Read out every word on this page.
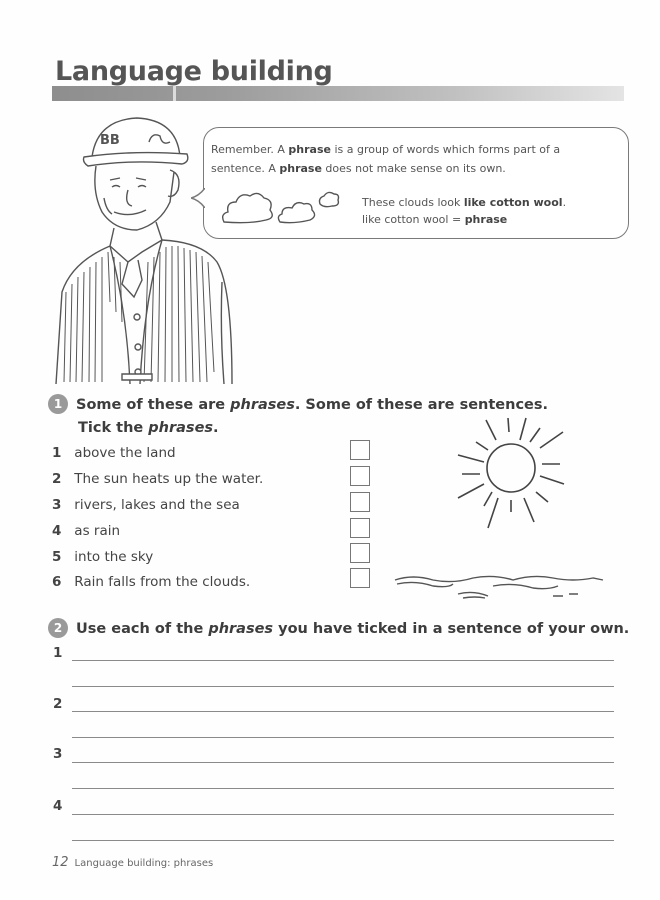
Language building
BB
Remember. A phrase is a group of words which forms part of a
sentence. A phrase does not make sense on its own.
These clouds look like cotton wool.
like cotton wool = phrase
1 Some of these are phrases. Some of these are sentences.
Tick the phrases.
1 above the land
2 The sun heats up the water.
3 rivers, lakes and the sea
4 as rain
5 into the sky
6 Rain falls from the clouds.
2 Use each of the phrases you have ticked in a sentence of your own.
1
2
3
4
12 Language building: phrases
